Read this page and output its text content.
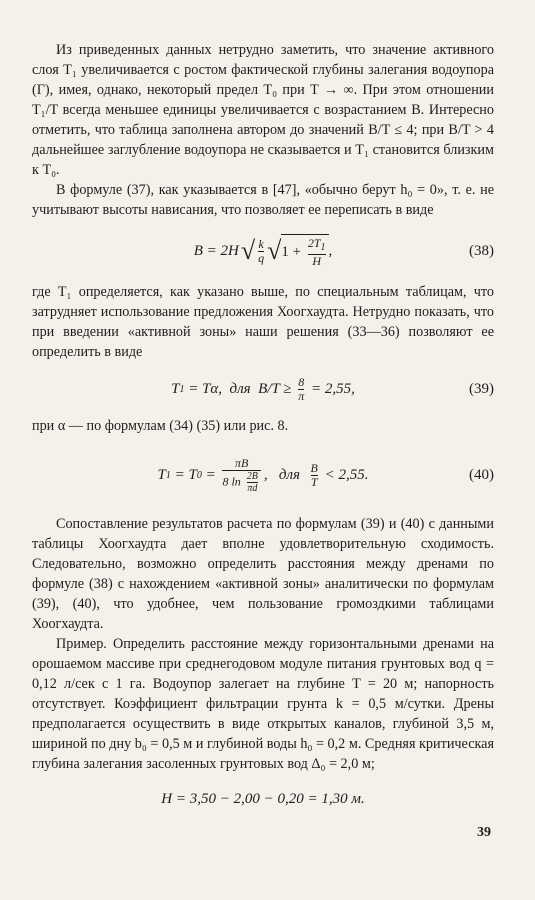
Из приведенных данных нетрудно заметить, что значение активного слоя T₁ увеличивается с ростом фактической глубины залегания водоупора (Г), имея, однако, некоторый предел T₀ при T → ∞. При этом отношении T₁/T всегда меньшее единицы увеличивается с возрастанием B. Интересно отметить, что таблица заполнена автором до значений B/T ≤ 4; при B/T > 4 дальнейшее заглубление водоупора не сказывается и T₁ становится близким к T₀.

В формуле (37), как указывается в [47], «обычно берут h₀ = 0», т. е. не учитывают высоты нависания, что позволяет ее переписать в виде

B = 2H √ $\frac{k}{q}$ √ $1 + \frac{2T_1}{H}$ ,	(38)

где T₁ определяется, как указано выше, по специальным таблицам, что затрудняет использование предложения Хоогхаудта. Нетрудно показать, что при введении «активной зоны» наши решения (33—36) позволяют ее определить в виде

T 1 = Tα,  для  $B/T \ge \frac{8}{\pi} = 2,55$,	(39)

при α — по формулам (34) (35) или рис. 8.

T 1 = T $0 = \frac{\pi B}{8 \ln \frac{2B}{\pi d}}$ ,   для $\frac{B}{T} < 2,55$.	(40)

Сопоставление результатов расчета по формулам (39) и (40) с данными таблицы Хоогхаудта дает вполне удовлетворительную сходимость. Следовательно, возможно определить расстояния между дренами по формуле (38) с нахождением «активной зоны» аналитически по формулам (39), (40), что удобнее, чем пользование громоздкими таблицами Хоогхаудта.

Пример. Определить расстояние между горизонтальными дренами на орошаемом массиве при среднегодовом модуле питания грунтовых вод q = 0,12 л/сек с 1 га. Водоупор залегает на глубине T = 20 м; напорность отсутствует. Коэффициент фильтрации грунта k = 0,5 м/сутки. Дрены предполагается осуществить в виде открытых каналов, глубиной 3,5 м, шириной по дну b₀ = 0,5 м и глубиной воды h₀ = 0,2 м. Средняя критическая глубина залегания засоленных грунтовых вод Δ₀ = 2,0 м;

H = 3,50 − 2,00 − 0,20 = 1,30 м.
39
